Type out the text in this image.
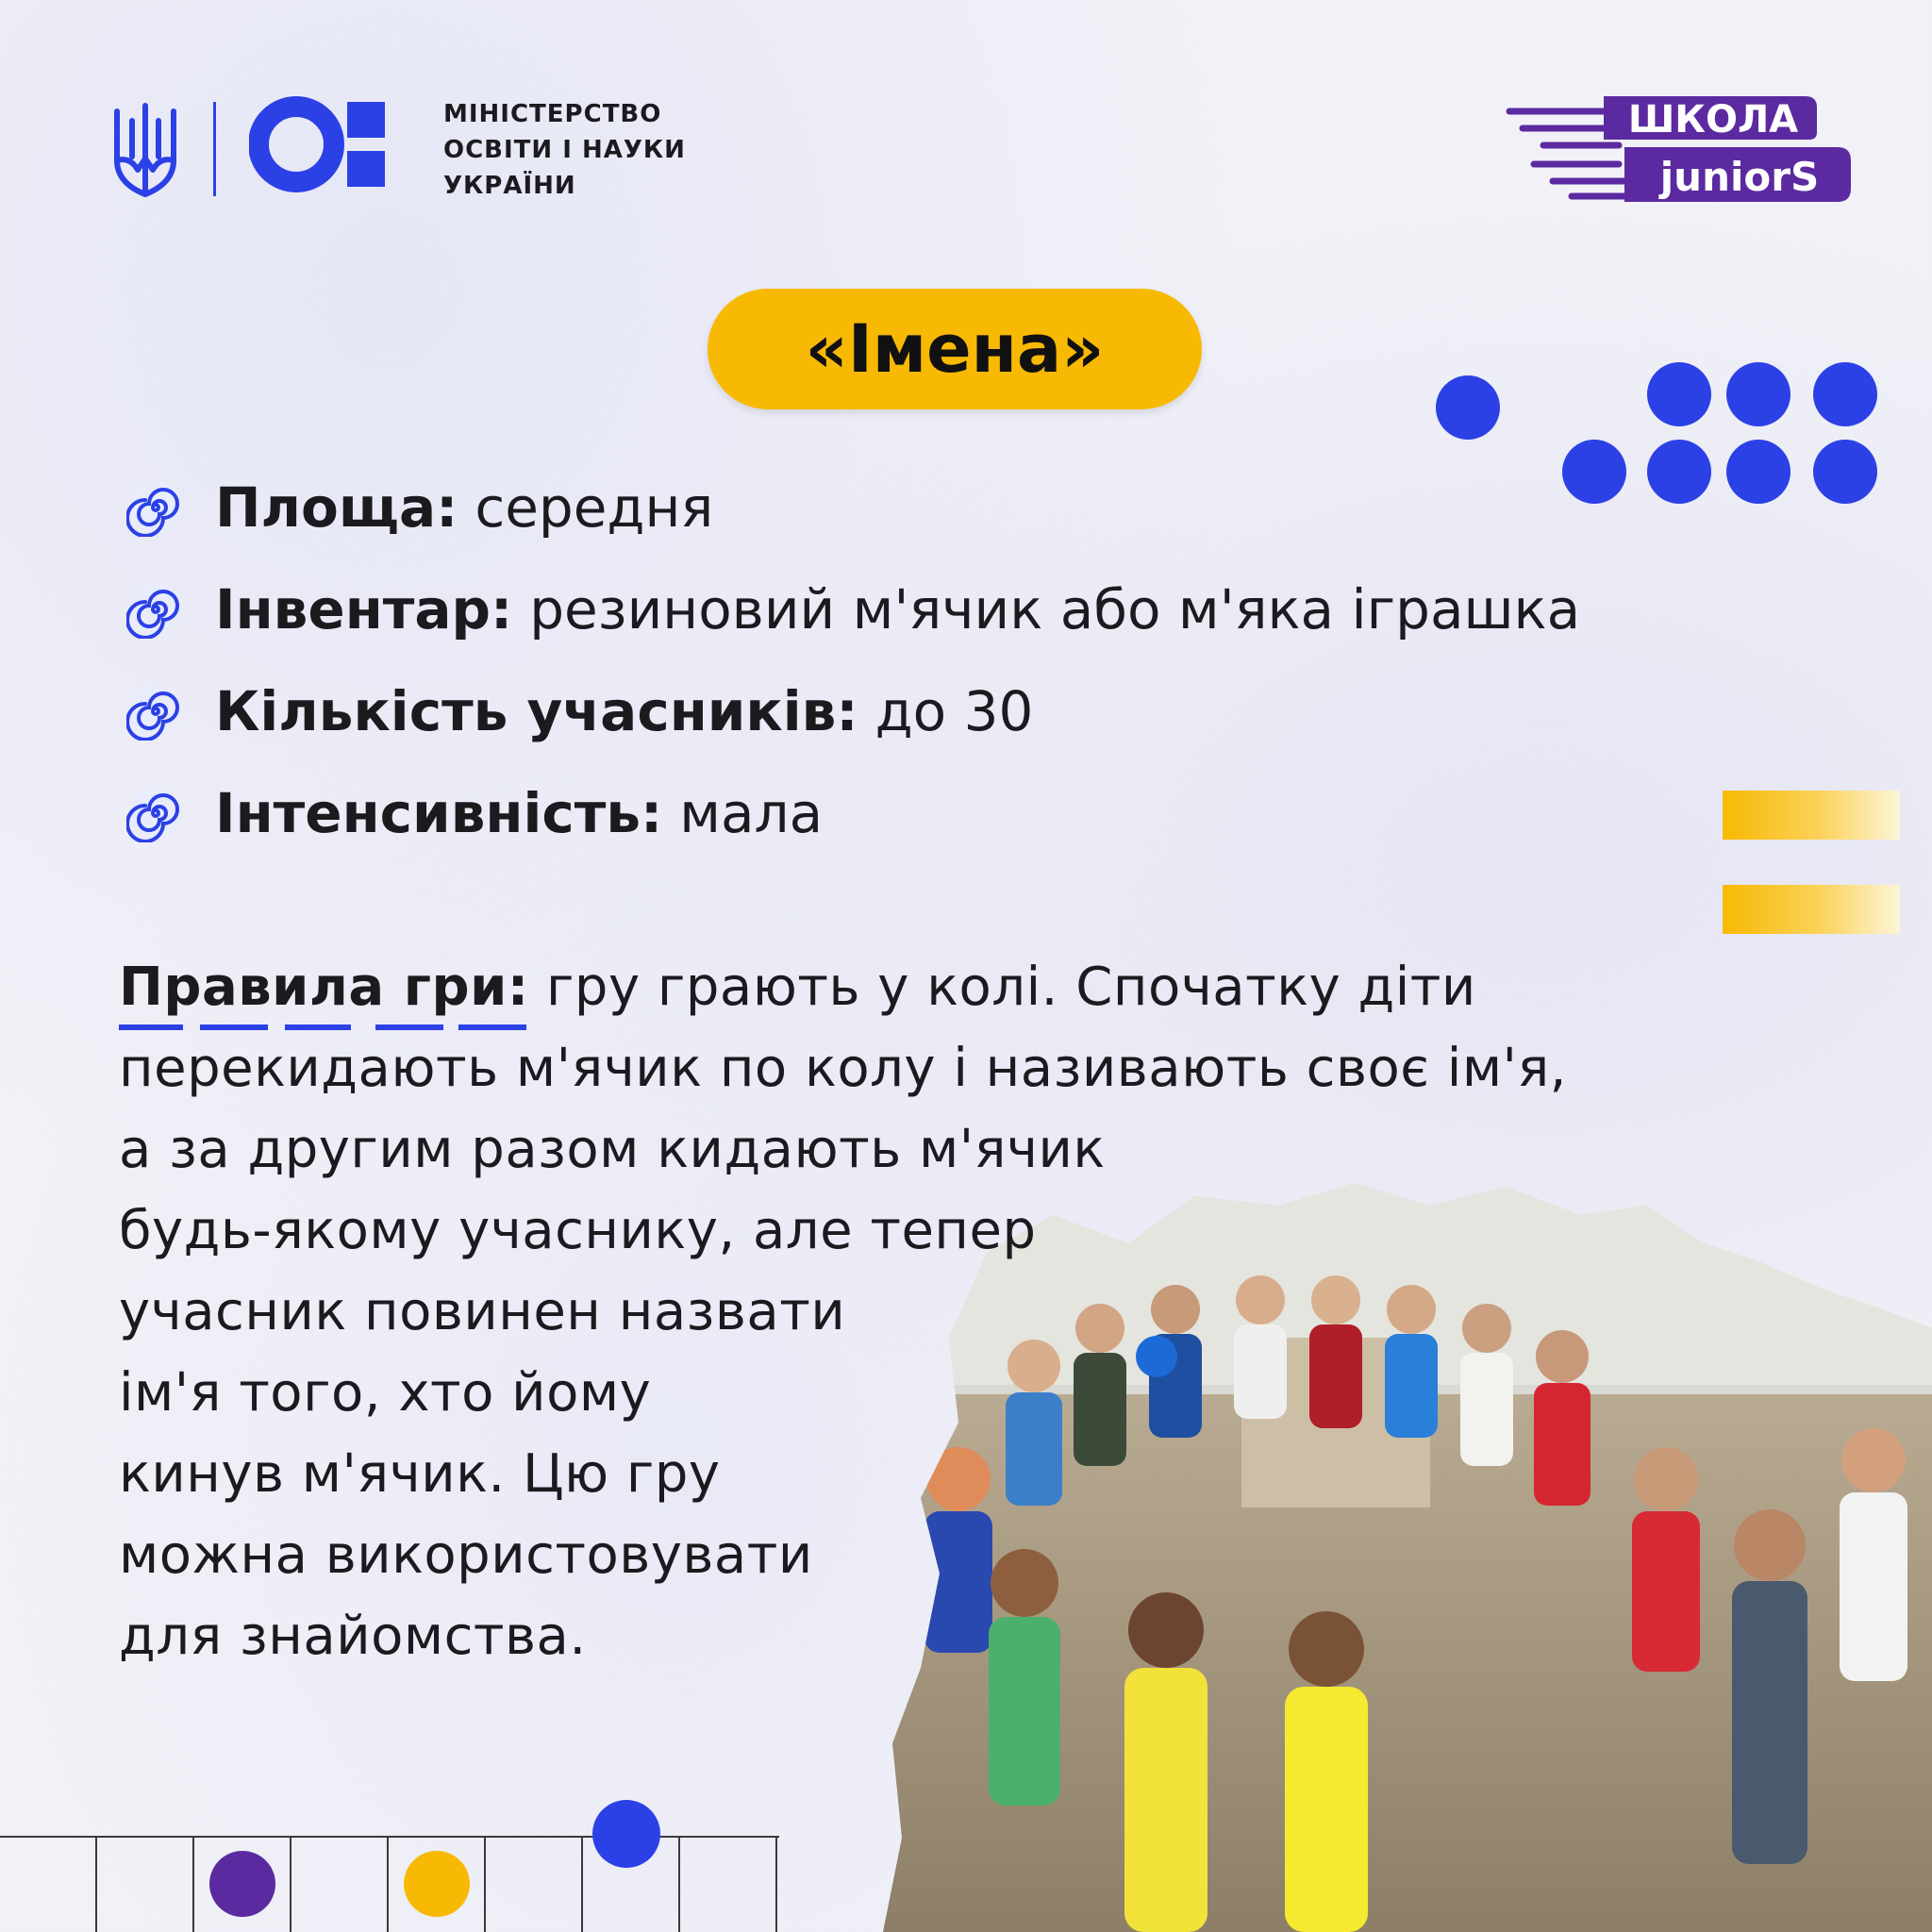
МІНІСТЕРСТВО
ОСВІТИ І НАУКИ
УКРАЇНИ
ШКОЛА
juniorS
«Імена»
Площа: середня
Інвентар: резиновий м'ячик або м'яка іграшка
Кількість учасників: до 30
Інтенсивність: мала
Правила гри: гру грають у колі. Спочатку діти
перекидають м'ячик по колу і називають своє ім'я,
а за другим разом кидають м'ячик
будь-якому учаснику, але тепер
учасник повинен назвати
ім'я того, хто йому
кинув м'ячик. Цю гру
можна використовувати
для знайомства.
